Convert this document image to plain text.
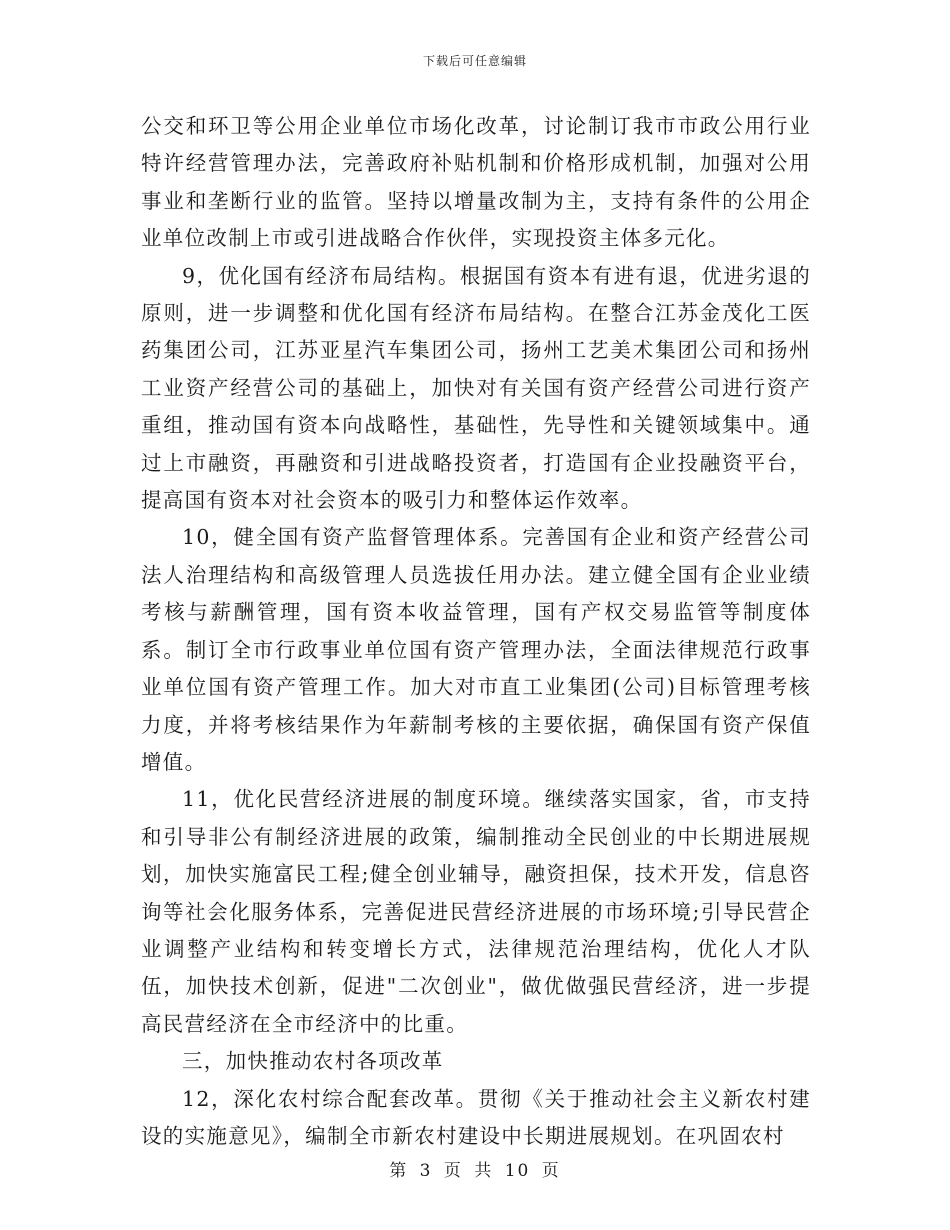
下载后可任意编辑

公交和环卫等公用企业单位市场化改革，讨论制订我市市政公用行业特许经营管理办法，完善政府补贴机制和价格形成机制，加强对公用事业和垄断行业的监管。坚持以增量改制为主，支持有条件的公用企业单位改制上市或引进战略合作伙伴，实现投资主体多元化。

9，优化国有经济布局结构。根据国有资本有进有退，优进劣退的原则，进一步调整和优化国有经济布局结构。在整合江苏金茂化工医药集团公司，江苏亚星汽车集团公司，扬州工艺美术集团公司和扬州工业资产经营公司的基础上，加快对有关国有资产经营公司进行资产重组，推动国有资本向战略性，基础性，先导性和关键领域集中。通过上市融资，再融资和引进战略投资者，打造国有企业投融资平台，提高国有资本对社会资本的吸引力和整体运作效率。

10，健全国有资产监督管理体系。完善国有企业和资产经营公司法人治理结构和高级管理人员选拔任用办法。建立健全国有企业业绩考核与薪酬管理，国有资本收益管理，国有产权交易监管等制度体系。制订全市行政事业单位国有资产管理办法，全面法律规范行政事业单位国有资产管理工作。加大对市直工业集团(公司)目标管理考核力度，并将考核结果作为年薪制考核的主要依据，确保国有资产保值增值。

11，优化民营经济进展的制度环境。继续落实国家，省，市支持和引导非公有制经济进展的政策，编制推动全民创业的中长期进展规划，加快实施富民工程;健全创业辅导，融资担保，技术开发，信息咨询等社会化服务体系，完善促进民营经济进展的市场环境;引导民营企业调整产业结构和转变增长方式，法律规范治理结构，优化人才队伍，加快技术创新，促进"二次创业"，做优做强民营经济，进一步提高民营经济在全市经济中的比重。

三，加快推动农村各项改革

12，深化农村综合配套改革。贯彻《关于推动社会主义新农村建设的实施意见》，编制全市新农村建设中长期进展规划。在巩固农村

第 3 页 共 10 页
